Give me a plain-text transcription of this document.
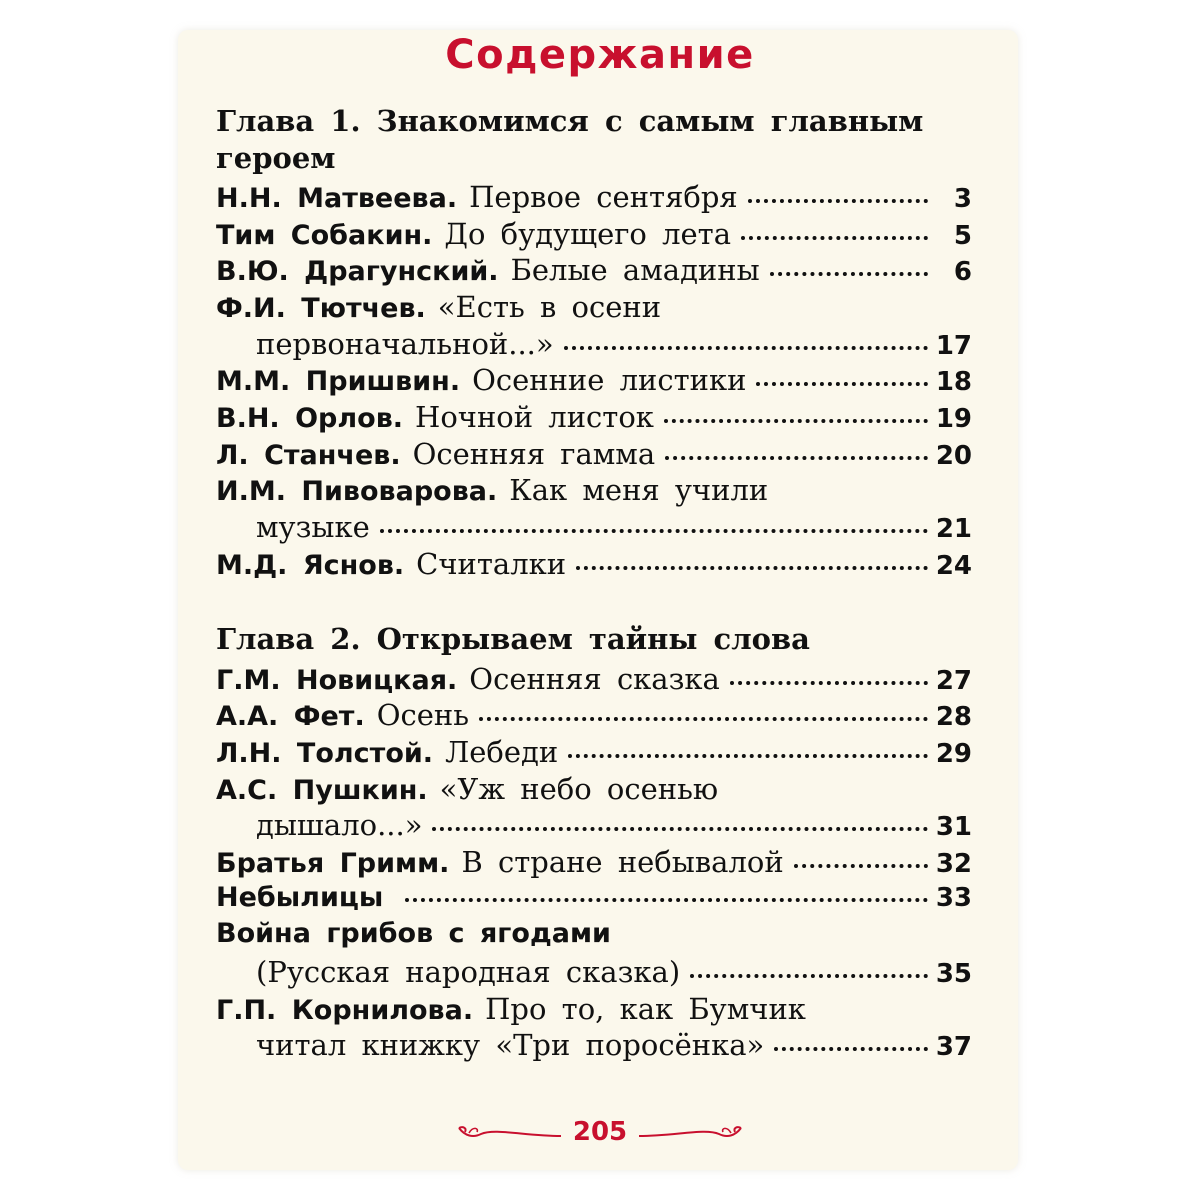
Содержание
Глава 1. Знакомимся с самым главным
героем
Н.Н. Матвеева. Первое сентября	3
Тим Собакин. До будущего лета	5
В.Ю. Драгунский. Белые амадины	6
Ф.И. Тютчев. «Есть в осени
первоначальной...»	17
М.М. Пришвин. Осенние листики	18
В.Н. Орлов. Ночной листок	19
Л. Станчев. Осенняя гамма	20
И.М. Пивоварова. Как меня учили
музыке	21
М.Д. Яснов. Считалки	24
Глава 2. Открываем тайны слова
Г.М. Новицкая. Осенняя сказка	27
А.А. Фет. Осень	28
Л.Н. Толстой. Лебеди	29
А.С. Пушкин. «Уж небо осенью
дышало...»	31
Братья Гримм. В стране небывалой	32
Небылицы	33
Война грибов с ягодами
(Русская народная сказка)	35
Г.П. Корнилова. Про то, как Бумчик
читал книжку «Три поросёнка»	37
205
